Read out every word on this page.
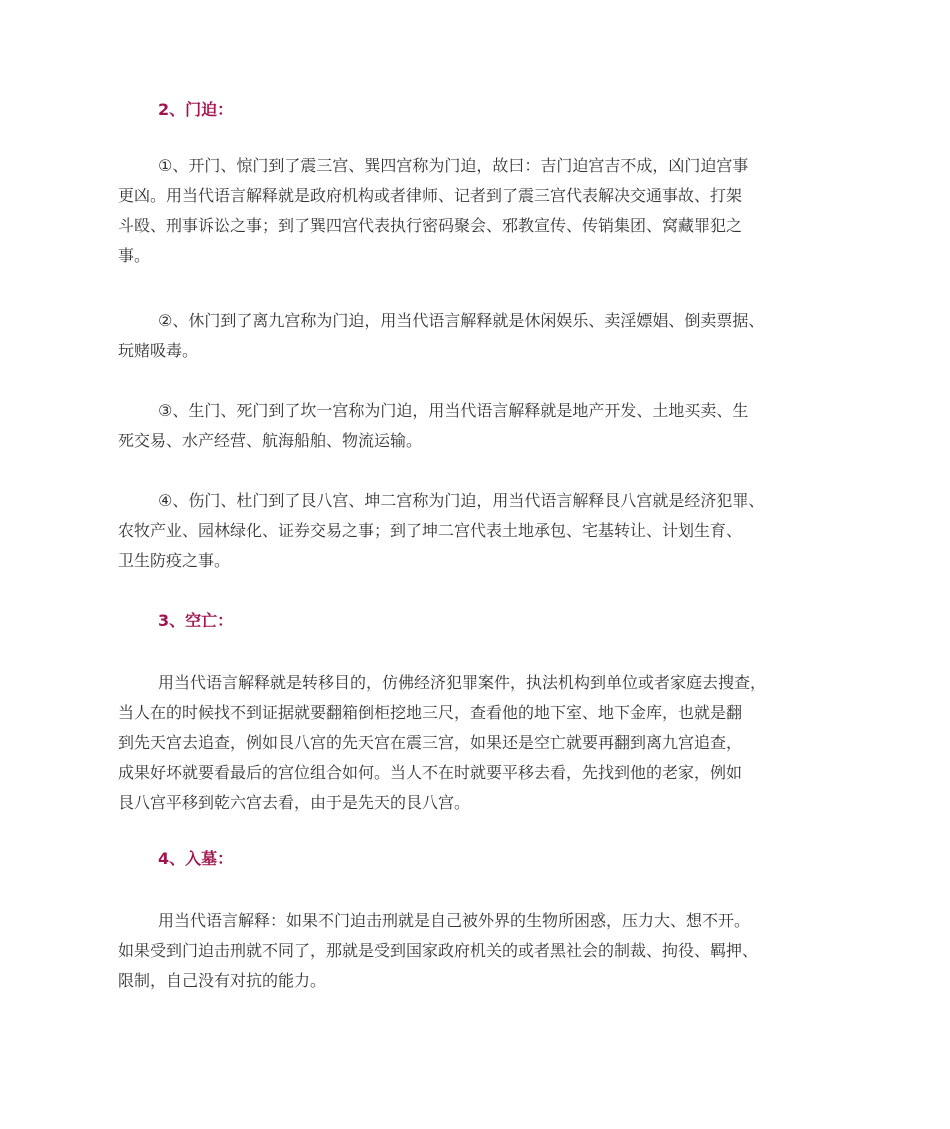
2、门迫：
①、开门、惊门到了震三宫、巽四宫称为门迫，故曰：吉门迫宫吉不成，凶门迫宫事
更凶。用当代语言解释就是政府机构或者律师、记者到了震三宫代表解决交通事故、打架
斗殴、刑事诉讼之事；到了巽四宫代表执行密码聚会、邪教宣传、传销集团、窝藏罪犯之
事。
②、休门到了离九宫称为门迫，用当代语言解释就是休闲娱乐、卖淫嫖娼、倒卖票据、
玩赌吸毒。
③、生门、死门到了坎一宫称为门迫，用当代语言解释就是地产开发、土地买卖、生
死交易、水产经营、航海船舶、物流运输。
④、伤门、杜门到了艮八宫、坤二宫称为门迫，用当代语言解释艮八宫就是经济犯罪、
农牧产业、园林绿化、证券交易之事；到了坤二宫代表土地承包、宅基转让、计划生育、
卫生防疫之事。
3、空亡：
用当代语言解释就是转移目的，仿佛经济犯罪案件，执法机构到单位或者家庭去搜查，
当人在的时候找不到证据就要翻箱倒柜挖地三尺，查看他的地下室、地下金库，也就是翻
到先天宫去追查，例如艮八宫的先天宫在震三宫，如果还是空亡就要再翻到离九宫追查，
成果好坏就要看最后的宫位组合如何。当人不在时就要平移去看，先找到他的老家，例如
艮八宫平移到乾六宫去看，由于是先天的艮八宫。
4、入墓：
用当代语言解释：如果不门迫击刑就是自己被外界的生物所困惑，压力大、想不开。
如果受到门迫击刑就不同了，那就是受到国家政府机关的或者黑社会的制裁、拘役、羁押、
限制，自己没有对抗的能力。
